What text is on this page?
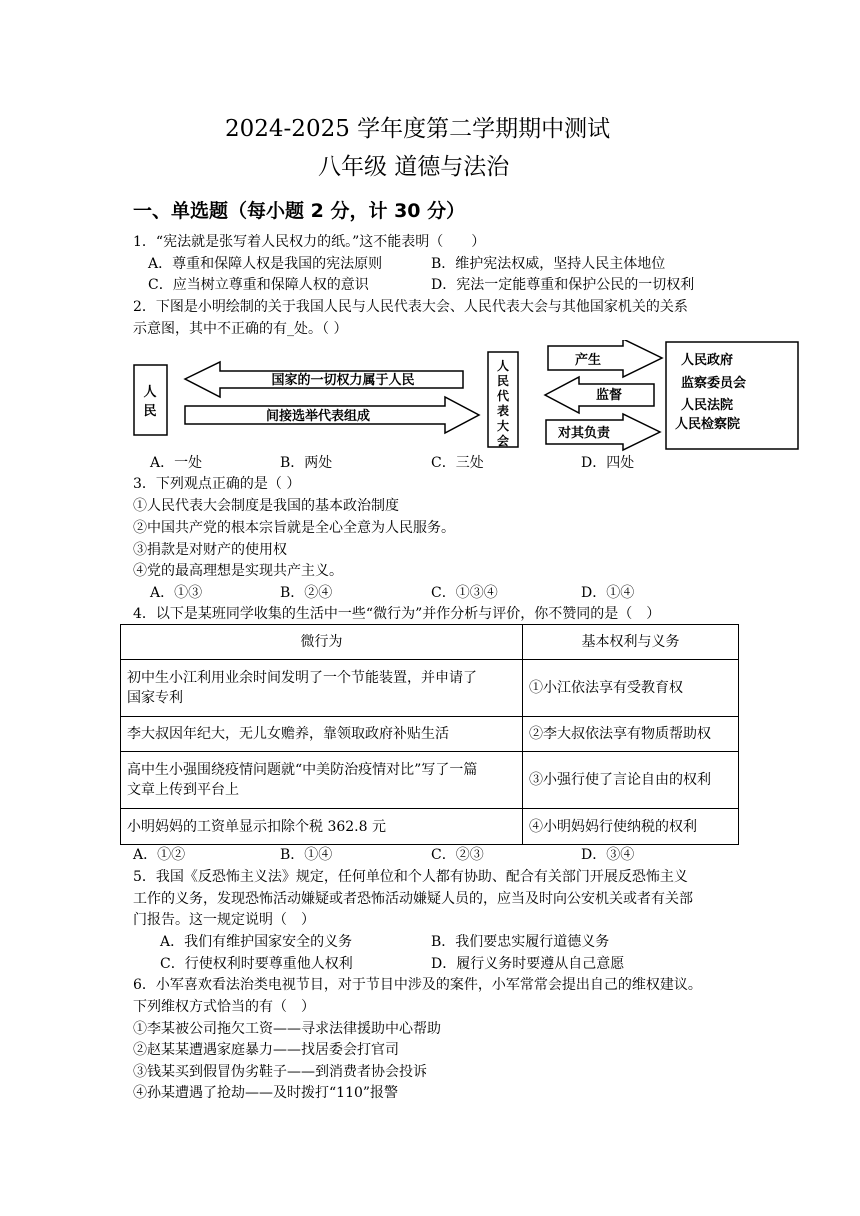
2024-2025 学年度第二学期期中测试
八年级 道德与法治
一、单选题（每小题 2 分，计 30 分）
1．“宪法就是张写着人民权力的纸。”这不能表明（　　）
A．尊重和保障人权是我国的宪法原则	B．维护宪法权威，坚持人民主体地位
C．应当树立尊重和保障人权的意识	D．宪法一定能尊重和保护公民的一切权利
2．下图是小明绘制的关于我国人民与人民代表大会、人民代表大会与其他国家机关的关系
示意图，其中不正确的有_处。（ ）
人
民
国家的一切权力属于人民
间接选举代表组成
人
民
代
表
大
会
产生
监督
对其负责
人民政府
监察委员会
人民法院
人民检察院
A．一处	B．两处	C．三处	D．四处
3．下列观点正确的是（ ）
①人民代表大会制度是我国的基本政治制度
②中国共产党的根本宗旨就是全心全意为人民服务。
③捐款是对财产的使用权
④党的最高理想是实现共产主义。
A．①③	B．②④	C．①③④	D．①④
4．以下是某班同学收集的生活中一些“微行为”并作分析与评价，你不赞同的是（　）
微行为	基本权利与义务

初中生小江利用业余时间发明了一个节能装置，并申请了
国家专利	①小江依法享有受教育权
李大叔因年纪大，无儿女赡养，靠领取政府补贴生活	②李大叔依法享有物质帮助权

高中生小强围绕疫情问题就“中美防治疫情对比”写了一篇
文章上传到平台上	③小强行使了言论自由的权利
小明妈妈的工资单显示扣除个税 362.8 元	④小明妈妈行使纳税的权利
A．①②	B．①④	C．②③	D．③④
5．我国《反恐怖主义法》规定，任何单位和个人都有协助、配合有关部门开展反恐怖主义
工作的义务，发现恐怖活动嫌疑或者恐怖活动嫌疑人员的，应当及时向公安机关或者有关部
门报告。这一规定说明（　）
A．我们有维护国家安全的义务	B．我们要忠实履行道德义务
C．行使权利时要尊重他人权利	D．履行义务时要遵从自己意愿
6．小军喜欢看法治类电视节目，对于节目中涉及的案件，小军常常会提出自己的维权建议。
下列维权方式恰当的有（　）
①李某被公司拖欠工资——寻求法律援助中心帮助
②赵某某遭遇家庭暴力——找居委会打官司
③钱某买到假冒伪劣鞋子——到消费者协会投诉
④孙某遭遇了抢劫——及时拨打“110”报警
